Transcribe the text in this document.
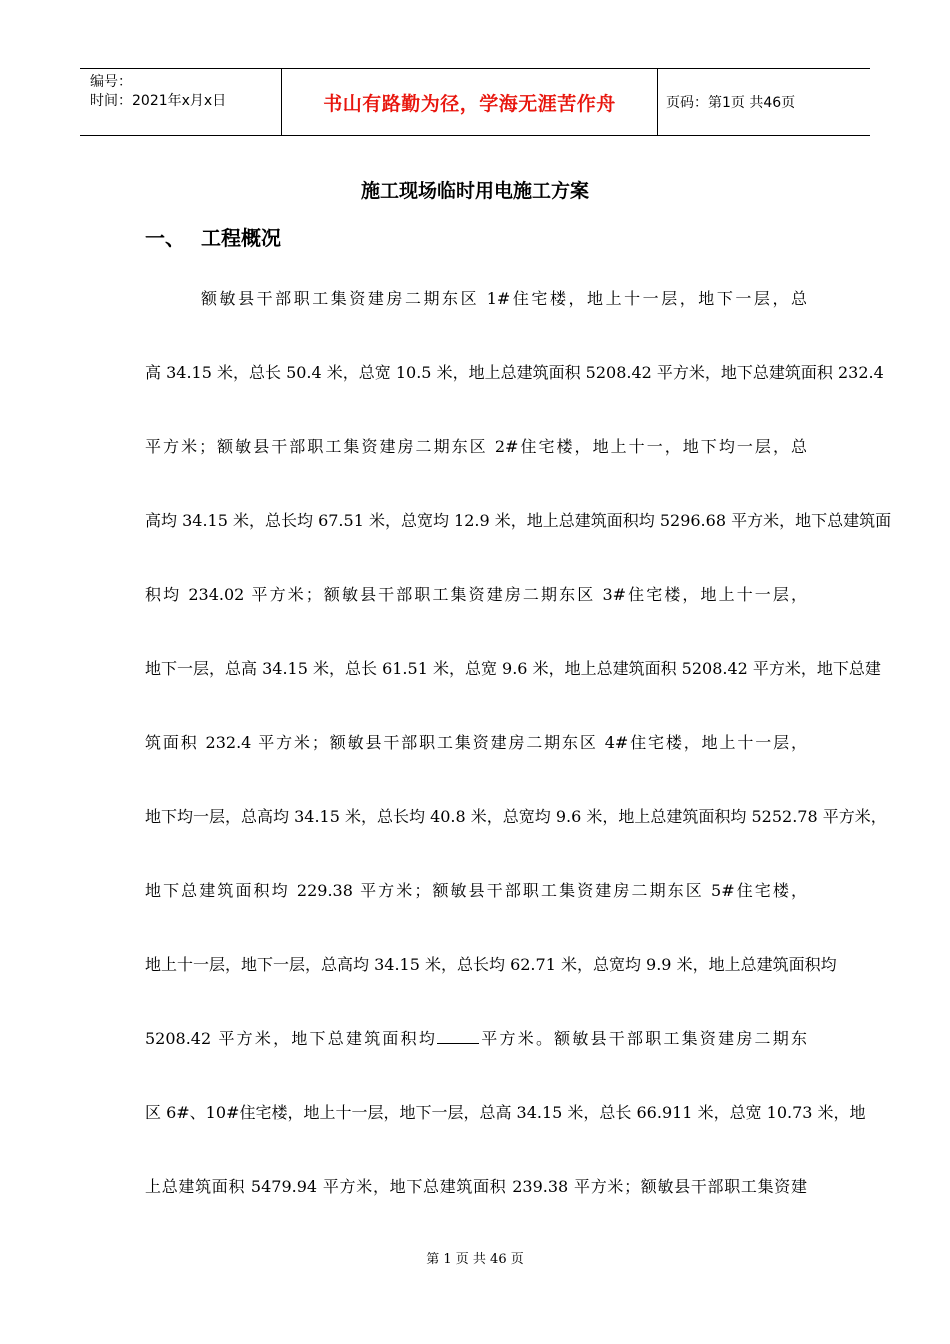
编号：
时间：2021年x月x日	书山有路勤为径，学海无涯苦作舟	页码：第1页 共46页
施工现场临时用电施工方案
一、 工程概况
额敏县干部职工集资建房二期东区 1#住宅楼，地上十一层，地下一层，总
高 34.15 米，总长 50.4 米，总宽 10.5 米，地上总建筑面积 5208.42 平方米，地下总建筑面积 232.4
平方米；额敏县干部职工集资建房二期东区 2#住宅楼，地上十一，地下均一层，总
高均 34.15 米，总长均 67.51 米，总宽均 12.9 米，地上总建筑面积均 5296.68 平方米，地下总建筑面
积均 234.02 平方米；额敏县干部职工集资建房二期东区 3#住宅楼，地上十一层，
地下一层，总高 34.15 米，总长 61.51 米，总宽 9.6 米，地上总建筑面积 5208.42 平方米，地下总建
筑面积 232.4 平方米；额敏县干部职工集资建房二期东区 4#住宅楼，地上十一层，
地下均一层，总高均 34.15 米，总长均 40.8 米，总宽均 9.6 米，地上总建筑面积均 5252.78 平方米，
地下总建筑面积均 229.38 平方米；额敏县干部职工集资建房二期东区 5#住宅楼，
地上十一层，地下一层，总高均 34.15 米，总长均 62.71 米，总宽均 9.9 米，地上总建筑面积均
5208.42 平方米，地下总建筑面积均	平方米。额敏县干部职工集资建房二期东
区 6#、10#住宅楼，地上十一层，地下一层，总高 34.15 米，总长 66.911 米，总宽 10.73 米，地
上总建筑面积 5479.94 平方米，地下总建筑面积 239.38 平方米；额敏县干部职工集资建
第 1 页 共 46 页
